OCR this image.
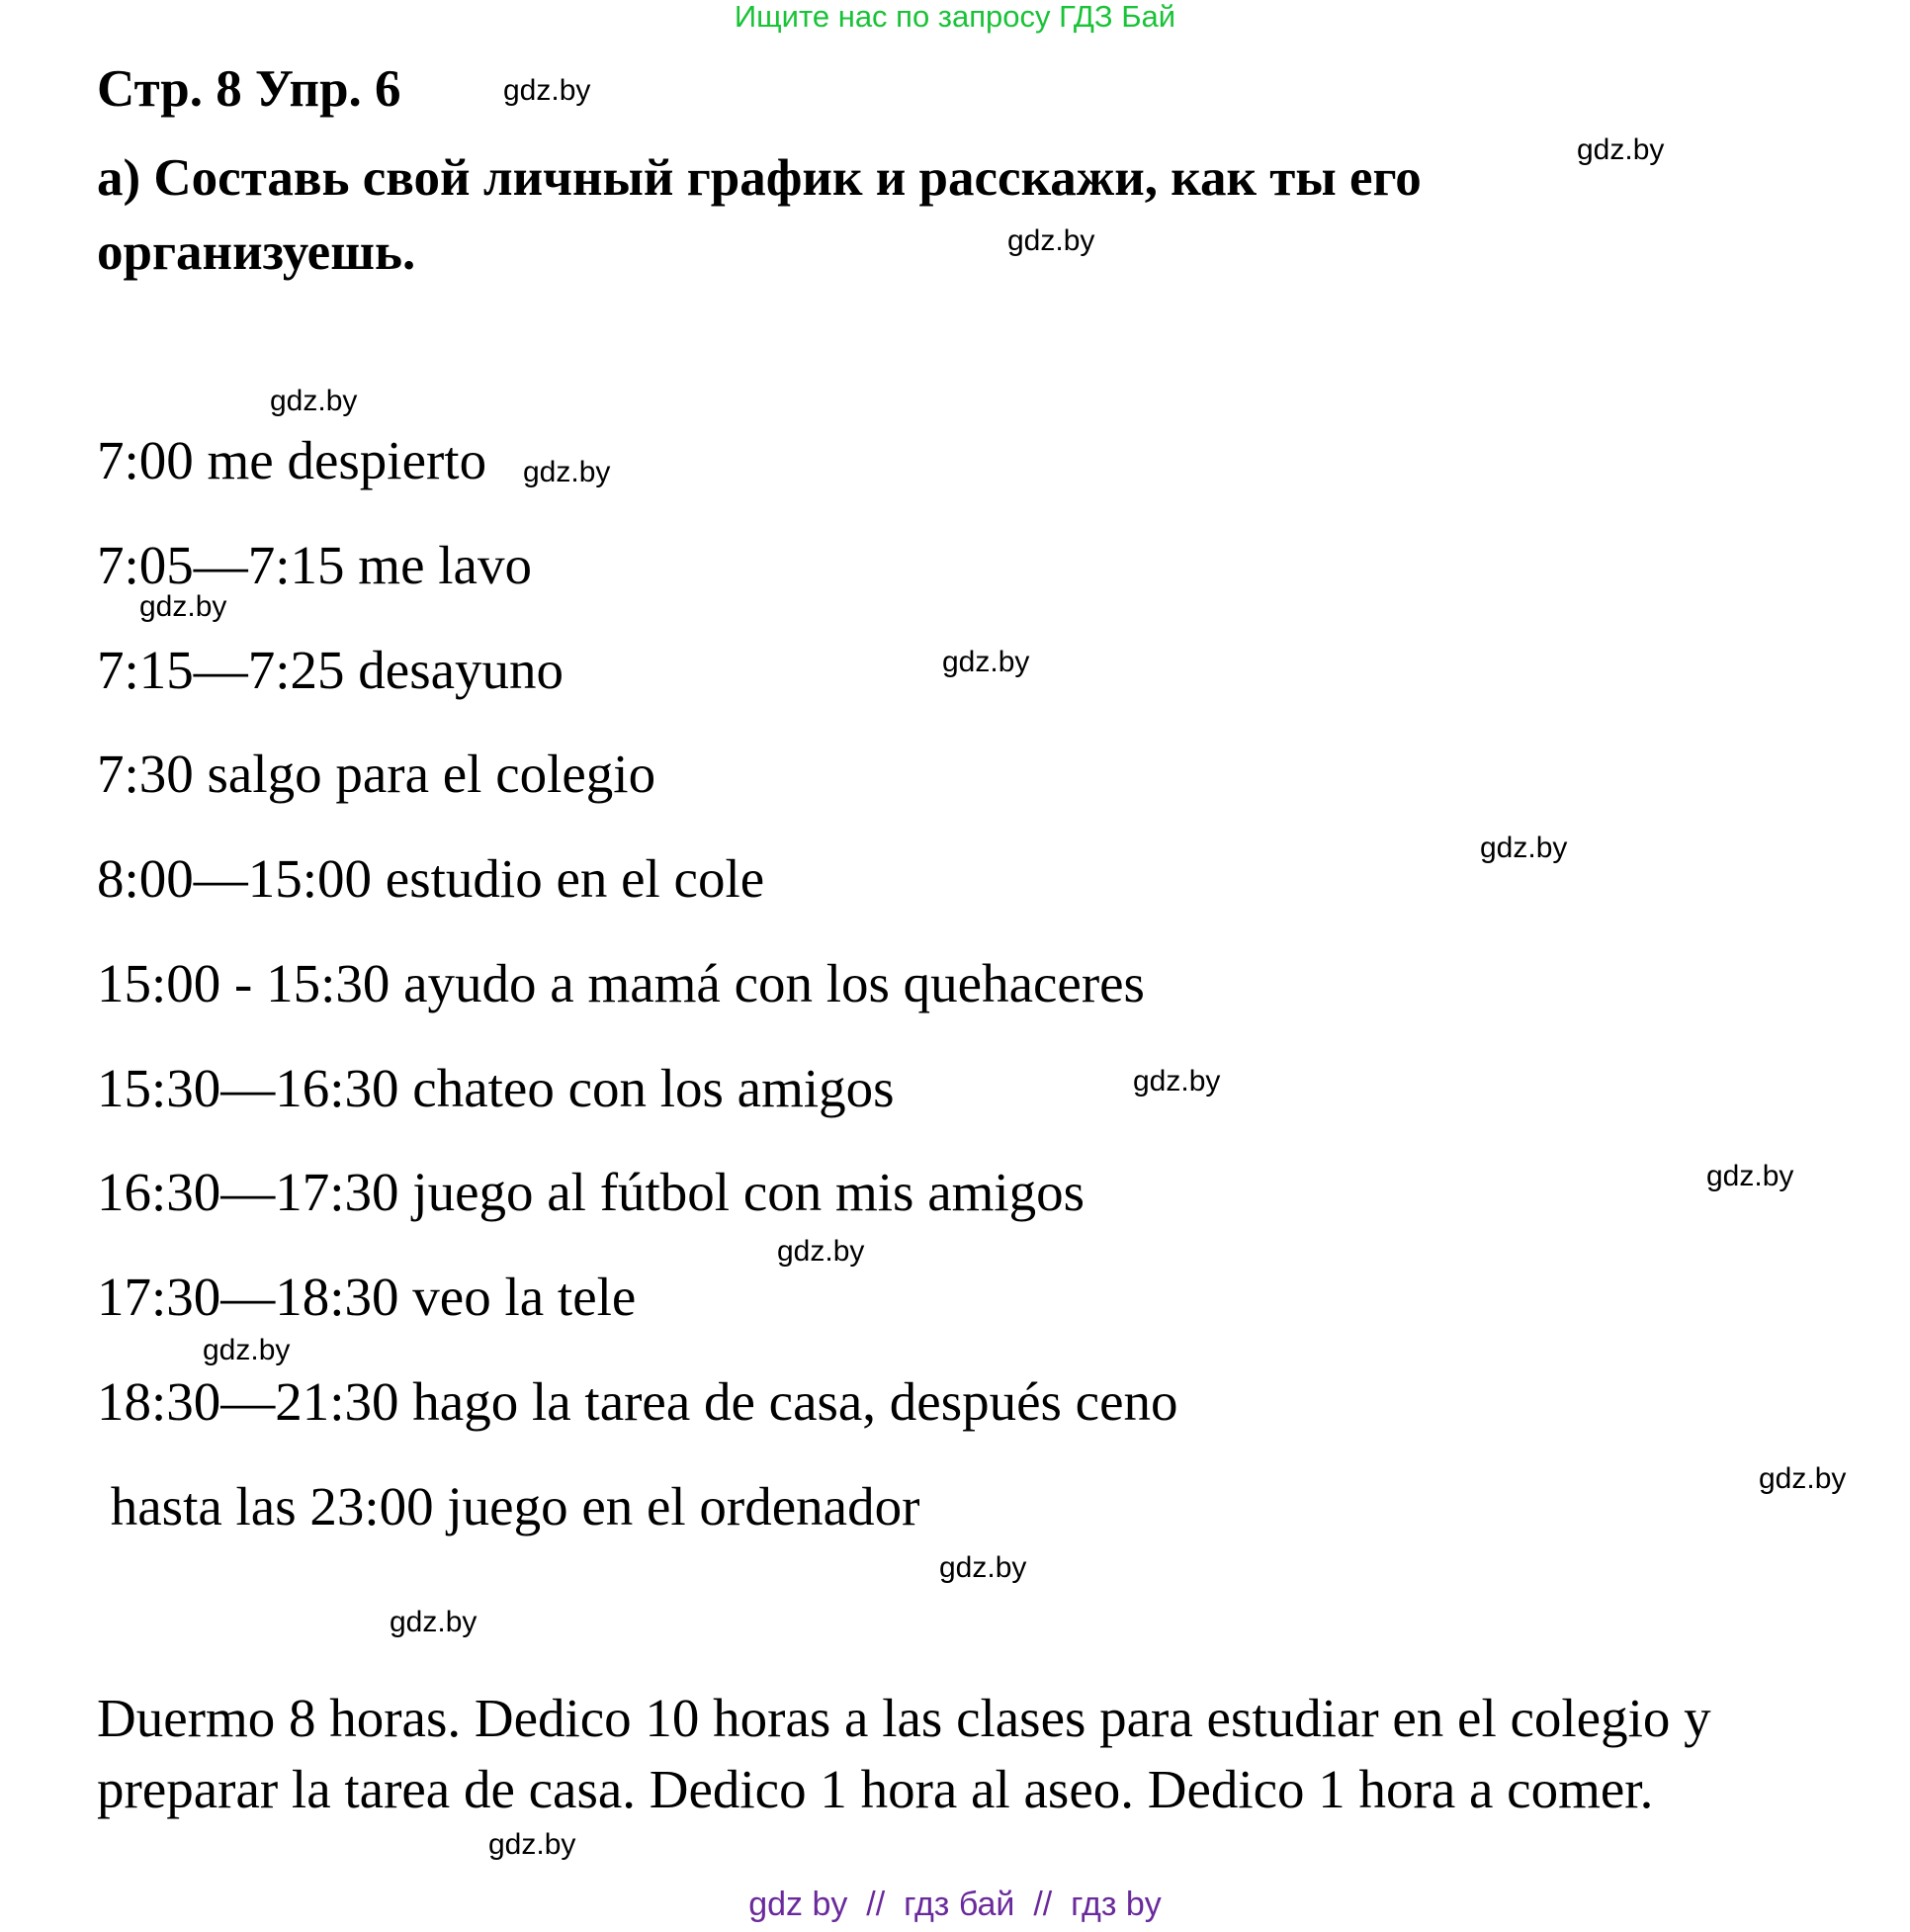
Ищите нас по запросу ГДЗ Бай
Стр. 8 Упр. 6
а) Составь свой личный график и расскажи, как ты его
организуешь.
7:00 me despierto
7:05—7:15 me lavo
7:15—7:25 desayuno
7:30 salgo para el colegio
8:00—15:00 estudio en el cole
15:00 - 15:30 ayudo a mamá con los quehaceres
15:30—16:30 chateo con los amigos
16:30—17:30 juego al fútbol con mis amigos
17:30—18:30 veo la tele
18:30—21:30 hago la tarea de casa, después ceno
hasta las 23:00 juego en el ordenador
Duermo 8 horas. Dedico 10 horas a las clases para estudiar en el colegio y
preparar la tarea de casa. Dedico 1 hora al aseo. Dedico 1 hora a comer.
gdz.by
gdz.by
gdz.by
gdz.by
gdz.by
gdz.by
gdz.by
gdz.by
gdz.by
gdz.by
gdz.by
gdz.by
gdz.by
gdz.by
gdz.by
gdz.by
gdz by  //  гдз бай  //  гдз by
